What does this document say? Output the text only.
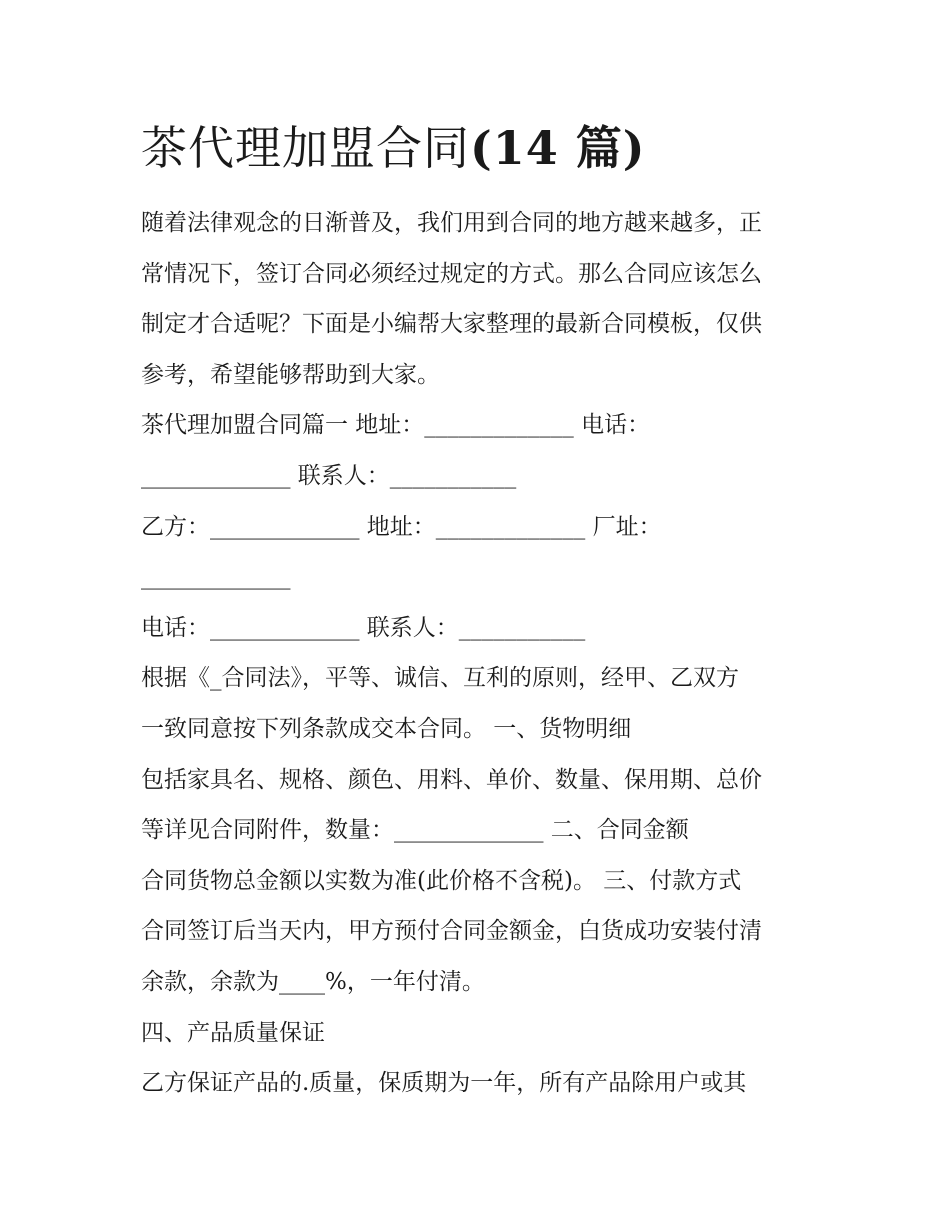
茶代理加盟合同(14 篇)

随着法律观念的日渐普及，我们用到合同的地方越来越多，正

常情况下，签订合同必须经过规定的方式。那么合同应该怎么

制定才合适呢？下面是小编帮大家整理的最新合同模板，仅供

参考，希望能够帮助到大家。

茶代理加盟合同篇一 地址：_____________ 电话：

_____________ 联系人：___________

乙方：_____________ 地址：_____________ 厂址：

_____________

电话：_____________ 联系人：___________

根据《_合同法》，平等、诚信、互利的原则，经甲、乙双方

一致同意按下列条款成交本合同。 一、货物明细

包括家具名、规格、颜色、用料、单价、数量、保用期、总价

等详见合同附件，数量：_____________ 二、合同金额

合同货物总金额以实数为准(此价格不含税)。 三、付款方式

合同签订后当天内，甲方预付合同金额金，白货成功安装付清

余款，余款为____%，一年付清。

四、产品质量保证

乙方保证产品的.质量，保质期为一年，所有产品除用户或其
